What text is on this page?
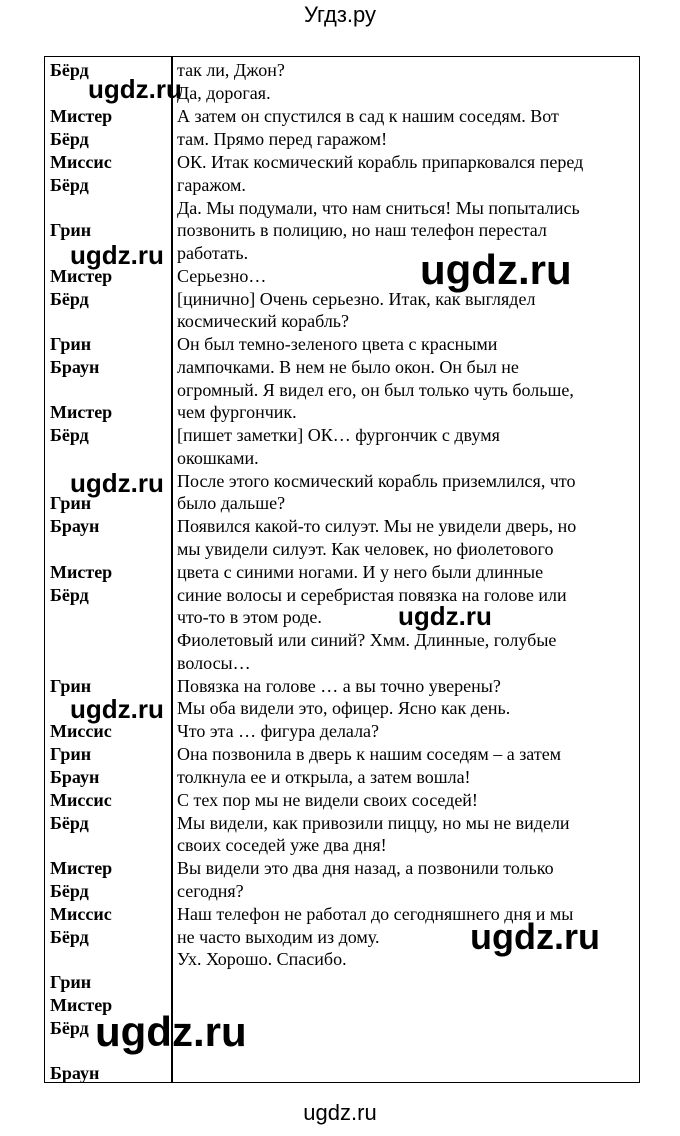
Угдз.ру
Бёрд
Мистер
Бёрд
Миссис
Бёрд
Грин
Мистер
Бёрд
Грин
Браун
Мистер
Бёрд
Грин
Браун
Мистер
Бёрд
Грин
Миссис
Грин
Браун
Миссис
Бёрд
Мистер
Бёрд
Миссис
Бёрд
Грин
Мистер
Бёрд
Браун
так ли, Джон?
Да, дорогая.
А затем он спустился в сад к нашим соседям. Вот
там. Прямо перед гаражом!
ОК. Итак космический корабль припарковался перед
гаражом.
Да. Мы подумали, что нам сниться! Мы попытались
позвонить в полицию, но наш телефон перестал
работать.
Серьезно…
[цинично] Очень серьезно. Итак, как выглядел
космический корабль?
Он был темно-зеленого цвета с красными
лампочками. В нем не было окон. Он был не
огромный. Я видел его, он был только чуть больше,
чем фургончик.
[пишет заметки] ОК… фургончик с двумя
окошками.
После этого космический корабль приземлился, что
было дальше?
Появился какой-то силуэт. Мы не увидели дверь, но
мы увидели силуэт. Как человек, но фиолетового
цвета с синими ногами. И у него были длинные
синие волосы и серебристая повязка на голове или
что-то в этом роде.
Фиолетовый или синий? Хмм. Длинные, голубые
волосы…
Повязка на голове … а вы точно уверены?
Мы оба видели это, офицер. Ясно как день.
Что эта … фигура делала?
Она позвонила в дверь к нашим соседям – а затем
толкнула ее и открыла, а затем вошла!
С тех пор мы не видели своих соседей!
Мы видели, как привозили пиццу, но мы не видели
своих соседей уже два дня!
Вы видели это два дня назад, а позвонили только
сегодня?
Наш телефон не работал до сегодняшнего дня и мы
не часто выходим из дому.
Ух. Хорошо. Спасибо.
ugdz.ru
ugdz.ru	ugdz.ru
ugdz.ru
ugdz.ru
ugdz.ru
ugdz.ru
ugdz.ru
ugdz.ru
